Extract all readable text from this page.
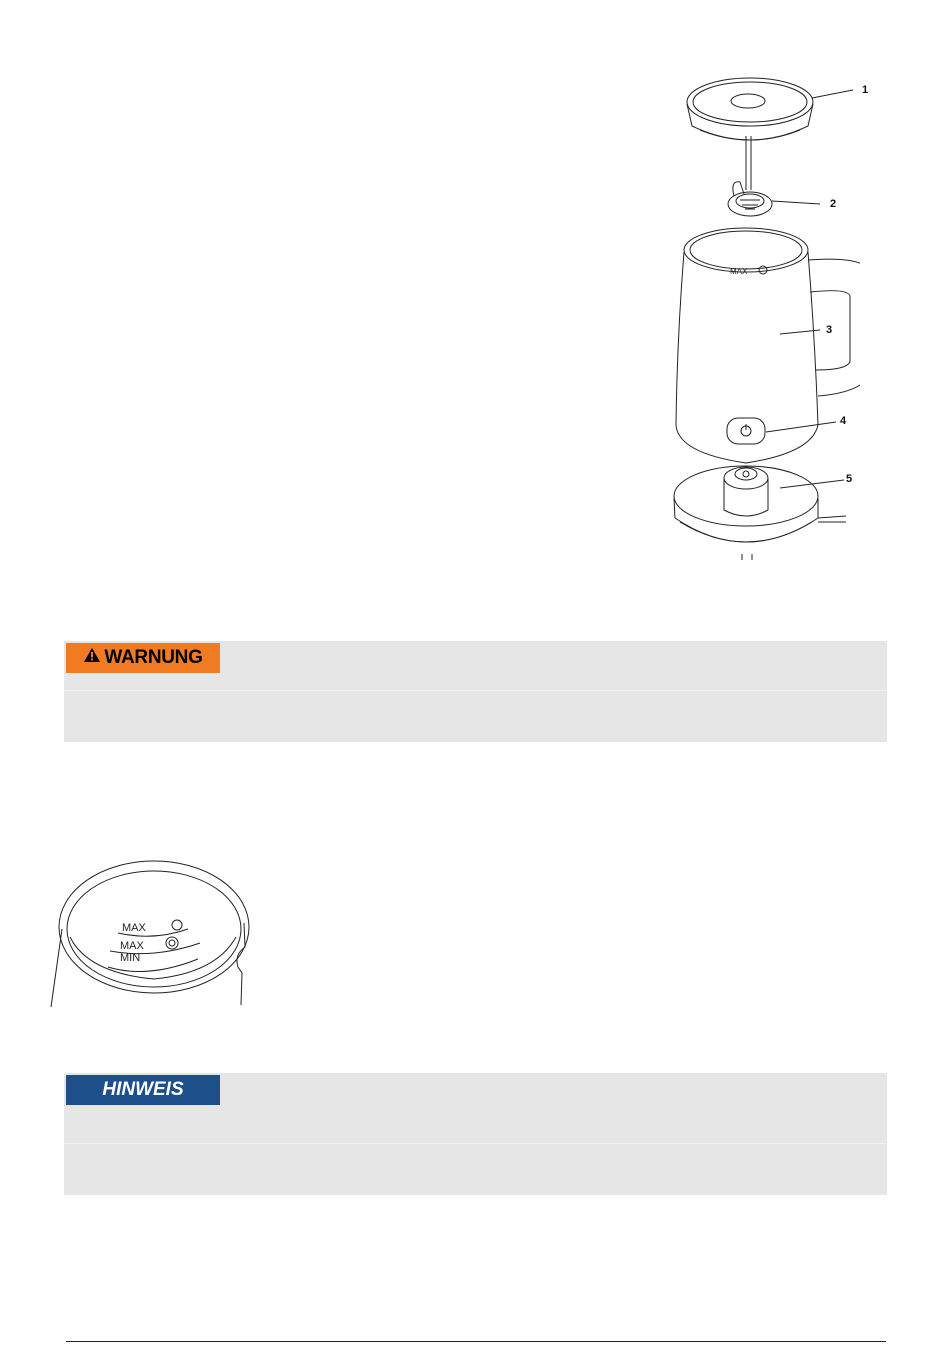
MAX
1
2
3
4
5
WARNUNG
MAX
MAX
MIN
HINWEIS
